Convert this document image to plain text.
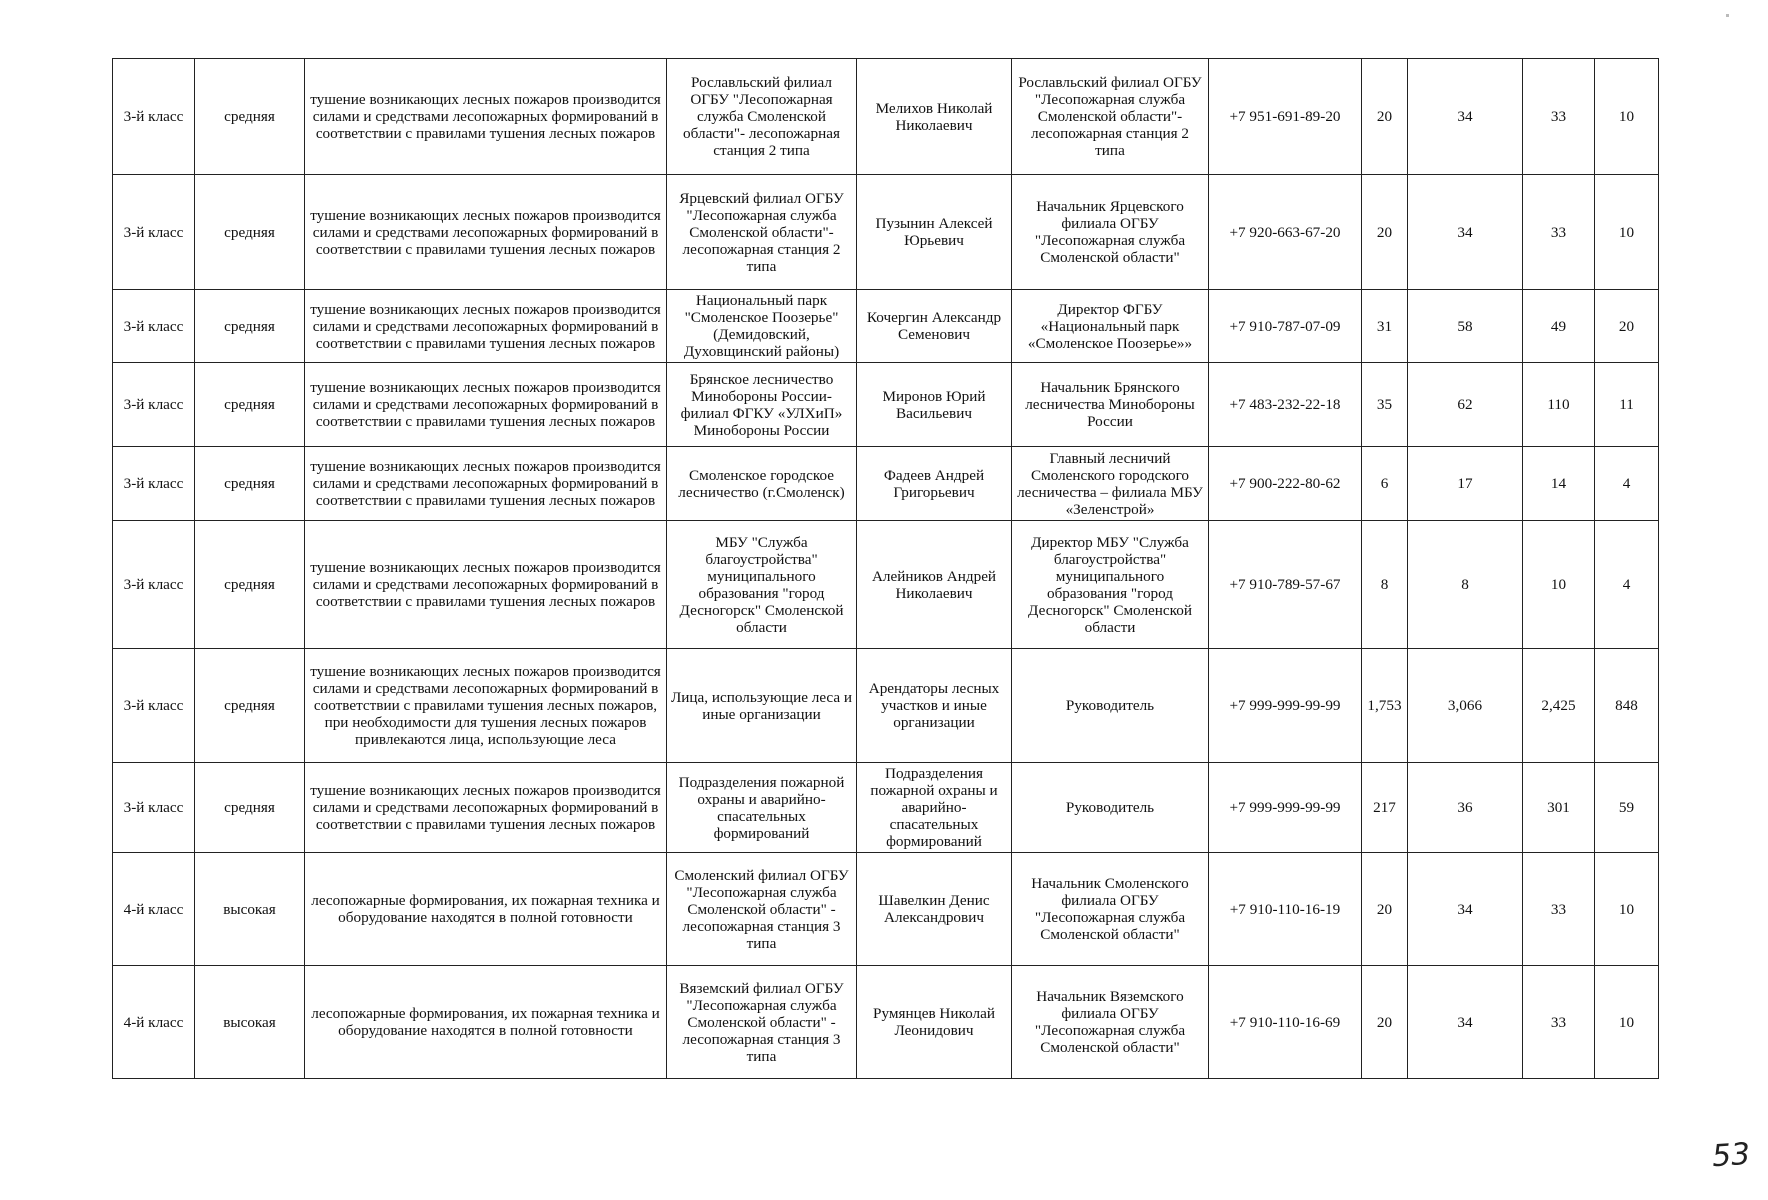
3-й класс	средняя	тушение возникающих лесных пожаров производится силами и средствами лесопожарных формирований в соответствии с правилами тушения лесных пожаров	Рославльский филиал ОГБУ "Лесопожарная служба Смоленской области"- лесопожарная станция 2 типа	Мелихов Николай Николаевич	Рославльский филиал ОГБУ "Лесопожарная служба Смоленской области"- лесопожарная станция 2 типа	+7 951-691-89-20	20	34	33	10
3-й класс	средняя	тушение возникающих лесных пожаров производится силами и средствами лесопожарных формирований в соответствии с правилами тушения лесных пожаров	Ярцевский филиал ОГБУ "Лесопожарная служба Смоленской области"- лесопожарная станция 2 типа	Пузынин Алексей Юрьевич	Начальник Ярцевского филиала ОГБУ "Лесопожарная служба Смоленской области"	+7 920-663-67-20	20	34	33	10
3-й класс	средняя	тушение возникающих лесных пожаров производится силами и средствами лесопожарных формирований в соответствии с правилами тушения лесных пожаров	Национальный парк "Смоленское Поозерье" (Демидовский, Духовщинский районы)	Кочергин Александр Семенович	Директор ФГБУ «Национальный парк «Смоленское Поозерье»»	+7 910-787-07-09	31	58	49	20
3-й класс	средняя	тушение возникающих лесных пожаров производится силами и средствами лесопожарных формирований в соответствии с правилами тушения лесных пожаров	Брянское лесничество Минобороны России- филиал ФГКУ «УЛХиП» Минобороны России	Миронов Юрий Васильевич	Начальник Брянского лесничества Минобороны России	+7 483-232-22-18	35	62	110	11
3-й класс	средняя	тушение возникающих лесных пожаров производится силами и средствами лесопожарных формирований в соответствии с правилами тушения лесных пожаров	Смоленское городское лесничество (г.Смоленск)	Фадеев Андрей Григорьевич	Главный лесничий Смоленского городского лесничества – филиала МБУ «Зеленстрой»	+7 900-222-80-62	6	17	14	4
3-й класс	средняя	тушение возникающих лесных пожаров производится силами и средствами лесопожарных формирований в соответствии с правилами тушения лесных пожаров	МБУ "Служба благоустройства" муниципального образования "город Десногорск" Смоленской области	Алейников Андрей Николаевич	Директор МБУ "Служба благоустройства" муниципального образования "город Десногорск" Смоленской области	+7 910-789-57-67	8	8	10	4
3-й класс	средняя	тушение возникающих лесных пожаров производится силами и средствами лесопожарных формирований в соответствии с правилами тушения лесных пожаров, при необходимости для тушения лесных пожаров привлекаются лица, использующие леса	Лица, использующие леса и иные организации	Арендаторы лесных участков и иные организации	Руководитель	+7 999-999-99-99	1,753	3,066	2,425	848
3-й класс	средняя	тушение возникающих лесных пожаров производится силами и средствами лесопожарных формирований в соответствии с правилами тушения лесных пожаров	Подразделения пожарной охраны и аварийно-спасательных формирований	Подразделения пожарной охраны и аварийно-спасательных формирований	Руководитель	+7 999-999-99-99	217	36	301	59
4-й класс	высокая	лесопожарные формирования, их пожарная техника и оборудование находятся в полной готовности	Смоленский филиал ОГБУ "Лесопожарная служба Смоленской области" - лесопожарная станция 3 типа	Шавелкин Денис Александрович	Начальник Смоленского филиала ОГБУ "Лесопожарная служба Смоленской области"	+7 910-110-16-19	20	34	33	10
4-й класс	высокая	лесопожарные формирования, их пожарная техника и оборудование находятся в полной готовности	Вяземский филиал ОГБУ "Лесопожарная служба Смоленской области" - лесопожарная станция 3 типа	Румянцев Николай Леонидович	Начальник Вяземского филиала ОГБУ "Лесопожарная служба Смоленской области"	+7 910-110-16-69	20	34	33	10
53
